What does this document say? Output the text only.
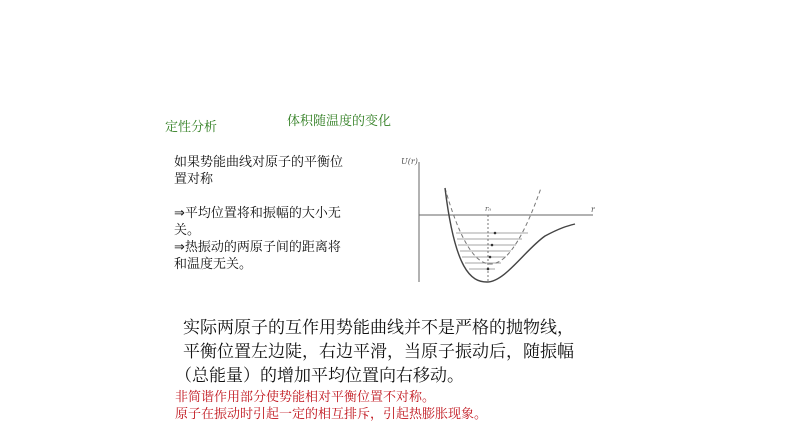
定性分析	体积随温度的变化
如果势能曲线对原子的平衡位
置对称
⇒平均位置将和振幅的大小无
关。
⇒热振动的两原子间的距离将
和温度无关。
U(r)
r
r₀
实际两原子的互作用势能曲线并不是严格的抛物线，
平衡位置左边陡，右边平滑，当原子振动后，随振幅
（总能量）的增加平均位置向右移动。
非简谐作用部分使势能相对平衡位置不对称。
原子在振动时引起一定的相互排斥，引起热膨胀现象。
